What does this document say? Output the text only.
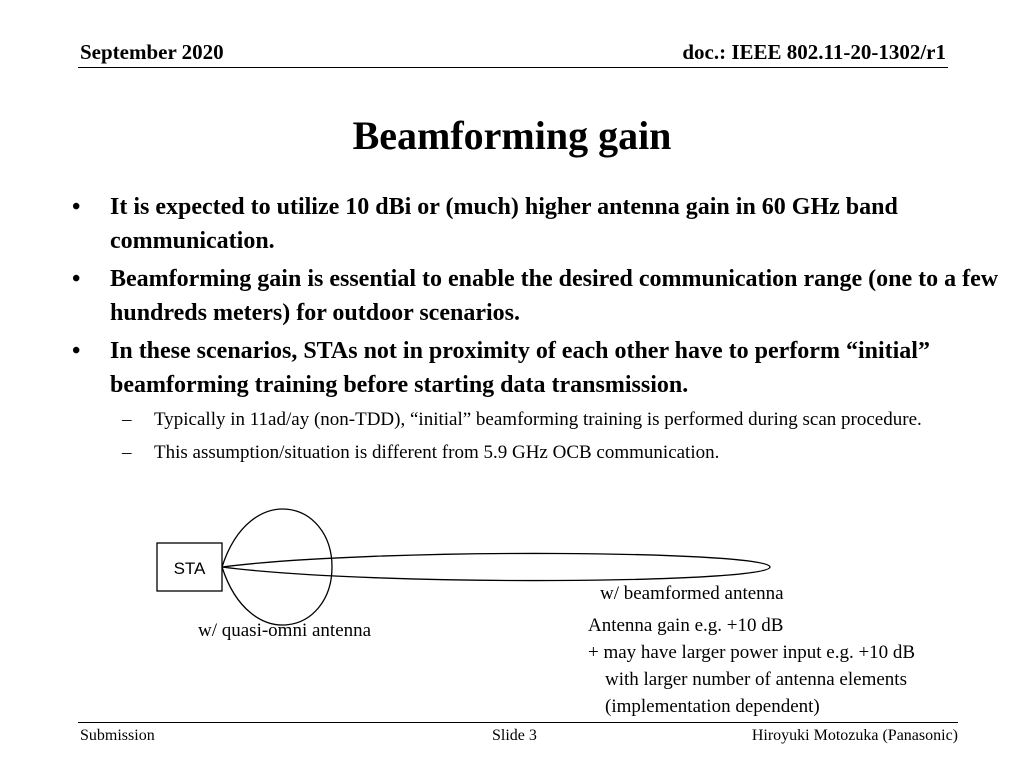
September 2020	doc.: IEEE 802.11-20-1302/r1
Beamforming gain
• It is expected to utilize 10 dBi or (much) higher antenna gain in 60 GHz band communication.
• Beamforming gain is essential to enable the desired communication range (one to a few hundreds meters) for outdoor scenarios.
• In these scenarios, STAs not in proximity of each other have to perform “initial” beamforming training before starting data transmission.
– Typically in 11ad/ay (non-TDD), “initial” beamforming training is performed during scan procedure.
– This assumption/situation is different from 5.9 GHz OCB communication.
STA
w/ beamformed antenna
w/ quasi-omni antenna	Antenna gain e.g. +10 dB
+ may have larger power input e.g. +10 dB
with larger number of antenna elements
(implementation dependent)
Submission	Slide 3	Hiroyuki Motozuka (Panasonic)
